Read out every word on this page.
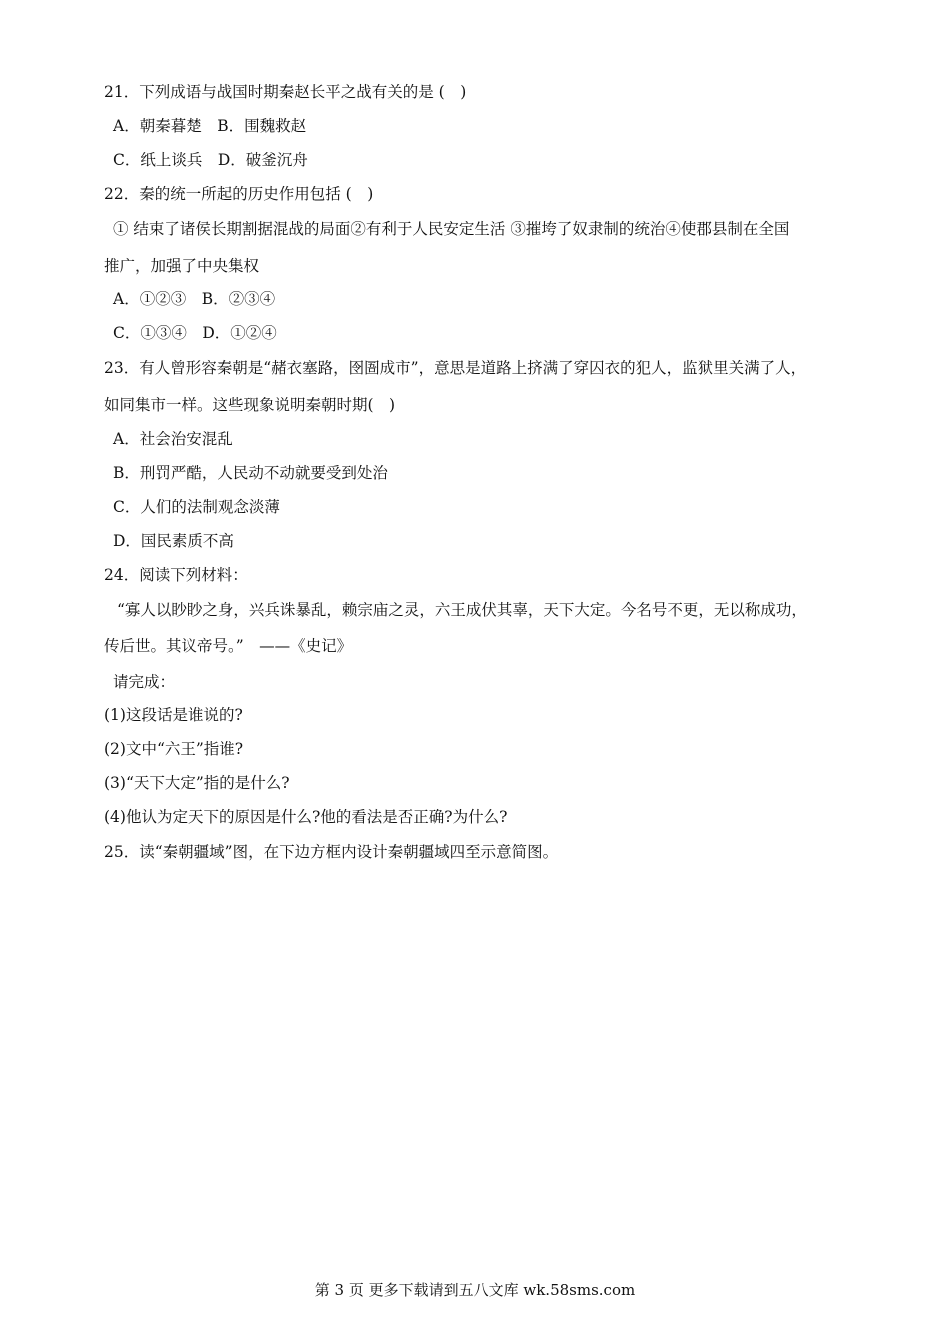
21．下列成语与战国时期秦赵长平之战有关的是 (　)
A．朝秦暮楚　B．围魏救赵
C．纸上谈兵　D．破釜沉舟
22．秦的统一所起的历史作用包括 (　)
① 结束了诸侯长期割据混战的局面②有利于人民安定生活 ③摧垮了奴隶制的统治④使郡县制在全国
推广，加强了中央集权
A．①②③　B．②③④
C．①③④　D．①②④
23．有人曾形容秦朝是“赭衣塞路，囹圄成市”，意思是道路上挤满了穿囚衣的犯人，监狱里关满了人，
如同集市一样。这些现象说明秦朝时期(　)
A．社会治安混乱
B．刑罚严酷，人民动不动就要受到处治
C．人们的法制观念淡薄
D．国民素质不高
24．阅读下列材料：
“寡人以眇眇之身，兴兵诛暴乱，赖宗庙之灵，六王成伏其辜，天下大定。今名号不更，无以称成功，
传后世。其议帝号。”　——《史记》
请完成：
(1)这段话是谁说的?
(2)文中“六王”指谁?
(3)“天下大定”指的是什么?
(4)他认为定天下的原因是什么?他的看法是否正确?为什么?
25．读“秦朝疆域”图，在下边方框内设计秦朝疆域四至示意简图。
第 3 页 更多下载请到五八文库 wk.58sms.com
